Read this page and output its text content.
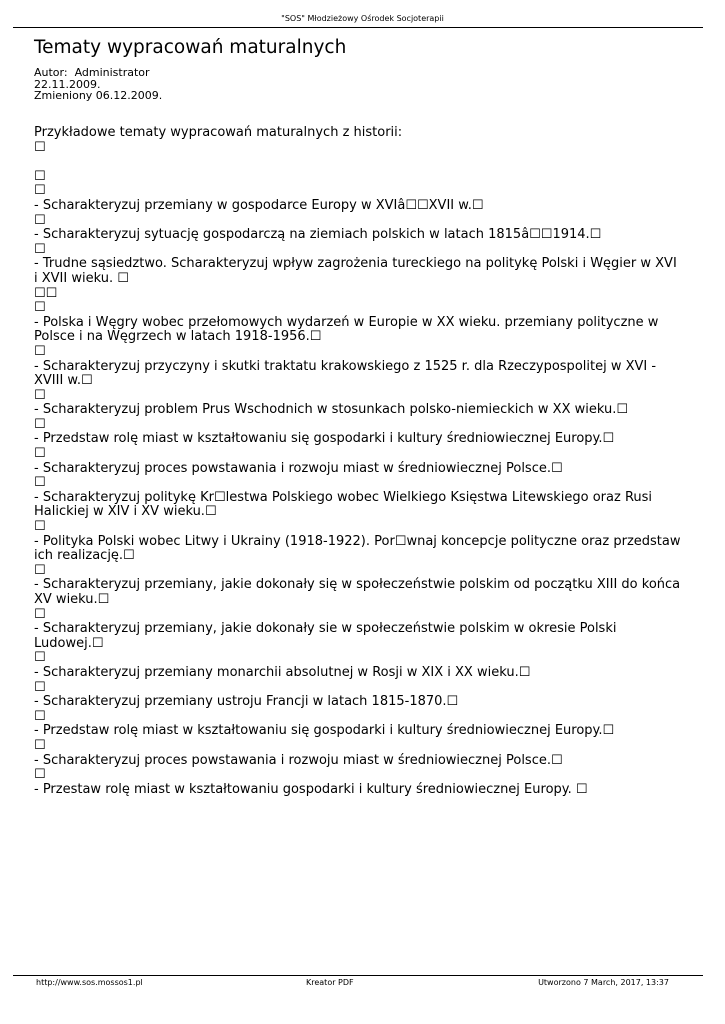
"SOS" Młodzieżowy Ośrodek Socjoterapii
Tematy wypracowań maturalnych
Autor:  Administrator
22.11.2009.
Zmieniony 06.12.2009.

Przykładowe tematy wypracowań maturalnych z historii:

☐

☐

☐

- Scharakteryzuj przemiany w gospodarce Europy w XVIâ☐☐XVII w.☐

☐

- Scharakteryzuj sytuację gospodarczą na ziemiach polskich w latach 1815â☐☐1914.☐

☐

- Trudne sąsiedztwo. Scharakteryzuj wpływ zagrożenia tureckiego na politykę Polski i Węgier w XVI i XVII wieku. ☐

☐☐

☐

- Polska i Węgry wobec przełomowych wydarzeń w Europie w XX wieku. przemiany polityczne w Polsce i na Węgrzech w latach 1918-1956.☐

☐

- Scharakteryzuj przyczyny i skutki traktatu krakowskiego z 1525 r. dla Rzeczypospolitej w XVI - XVIII w.☐

☐

- Scharakteryzuj problem Prus Wschodnich w stosunkach polsko-niemieckich w XX wieku.☐

☐

- Przedstaw rolę miast w kształtowaniu się gospodarki i kultury średniowiecznej Europy.☐

☐

- Scharakteryzuj proces powstawania i rozwoju miast w średniowiecznej Polsce.☐

☐

- Scharakteryzuj politykę Kr☐lestwa Polskiego wobec Wielkiego Księstwa Litewskiego oraz Rusi Halickiej w XIV i XV wieku.☐

☐

- Polityka Polski wobec Litwy i Ukrainy (1918-1922). Por☐wnaj koncepcje polityczne oraz przedstaw ich realizację.☐

☐

- Scharakteryzuj przemiany, jakie dokonały się w społeczeństwie polskim od początku XIII do końca XV wieku.☐

☐

- Scharakteryzuj przemiany, jakie dokonały sie w społeczeństwie polskim w okresie Polski Ludowej.☐

☐

- Scharakteryzuj przemiany monarchii absolutnej w Rosji w XIX i XX wieku.☐

☐

- Scharakteryzuj przemiany ustroju Francji w latach 1815-1870.☐

☐

- Przedstaw rolę miast w kształtowaniu się gospodarki i kultury średniowiecznej Europy.☐

☐

- Scharakteryzuj proces powstawania i rozwoju miast w średniowiecznej Polsce.☐

☐

- Przestaw rolę miast w kształtowaniu gospodarki i kultury średniowiecznej Europy. ☐

http://www.sos.mossos1.pl	Kreator PDF	Utworzono 7 March, 2017, 13:37
